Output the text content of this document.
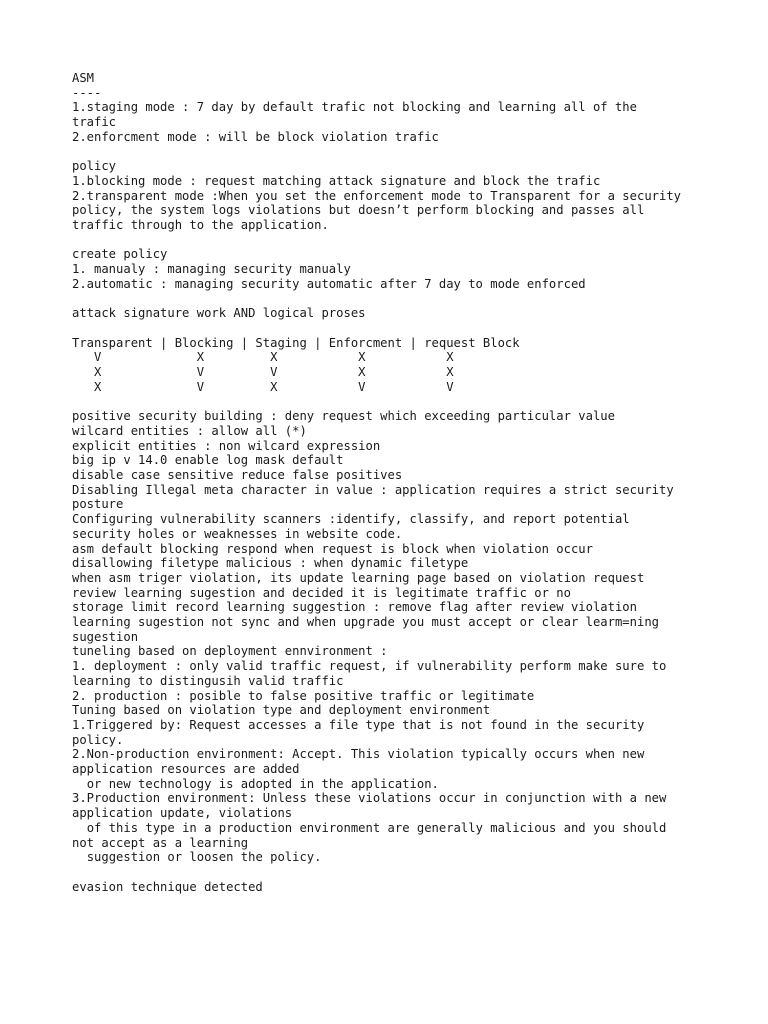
ASM
----
1.staging mode : 7 day by default trafic not blocking and learning all of the
trafic
2.enforcment mode : will be block violation trafic

policy
1.blocking mode : request matching attack signature and block the trafic
2.transparent mode :When you set the enforcement mode to Transparent for a security
policy, the system logs violations but doesn’t perform blocking and passes all
traffic through to the application.

create policy
1. manualy : managing security manualy
2.automatic : managing security automatic after 7 day to mode enforced

attack signature work AND logical proses

Transparent | Blocking | Staging | Enforcment | request Block
V             X         X           X           X
X             V         V           X           X
X             V         X           V           V

positive security building : deny request which exceeding particular value
wilcard entities : allow all (*)
explicit entities : non wilcard expression
big ip v 14.0 enable log mask default
disable case sensitive reduce false positives
Disabling Illegal meta character in value : application requires a strict security
posture
Configuring vulnerability scanners :identify, classify, and report potential
security holes or weaknesses in website code.
asm default blocking respond when request is block when violation occur
disallowing filetype malicious : when dynamic filetype
when asm triger violation, its update learning page based on violation request
review learning sugestion and decided it is legitimate traffic or no
storage limit record learning suggestion : remove flag after review violation
learning sugestion not sync and when upgrade you must accept or clear learm=ning
sugestion
tuneling based on deployment ennvironment :
1. deployment : only valid traffic request, if vulnerability perform make sure to
learning to distingusih valid traffic
2. production : posible to false positive traffic or legitimate
Tuning based on violation type and deployment environment
1.Triggered by: Request accesses a file type that is not found in the security
policy.
2.Non-production environment: Accept. This violation typically occurs when new
application resources are added
or new technology is adopted in the application.
3.Production environment: Unless these violations occur in conjunction with a new
application update, violations
of this type in a production environment are generally malicious and you should
not accept as a learning
suggestion or loosen the policy.

evasion technique detected
